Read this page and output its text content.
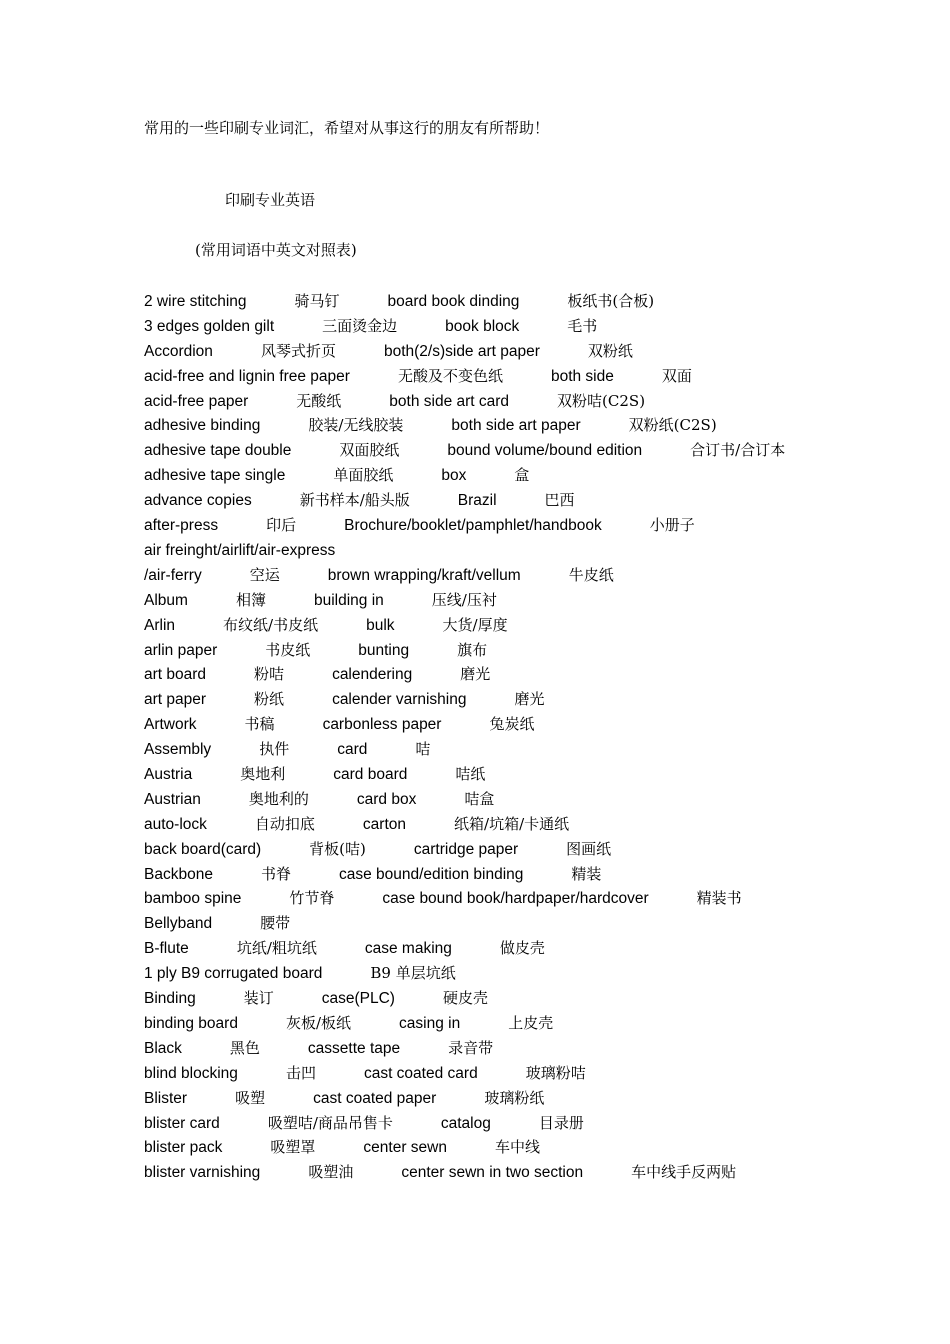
常用的一些印刷专业词汇，希望对从事这行的朋友有所帮助！
印刷专业英语
(常用词语中英文对照表)
2 wire stitching	骑马钉	board book dinding	板纸书(合板)
3 edges golden gilt	三面烫金边	book block	毛书
Accordion	风琴式折页	both(2/s)side art paper	双粉纸
acid-free and lignin free paper	无酸及不变色纸	both side	双面
acid-free paper	无酸纸	both side art card	双粉咭(C2S)
adhesive binding	胶装/无线胶装	both side art paper	双粉纸(C2S)
adhesive tape double	双面胶纸	bound volume/bound edition	合订书/合订本
adhesive tape single	单面胶纸	box	盒
advance copies	新书样本/船头版	Brazil	巴西
after-press	印后	Brochure/booklet/pamphlet/handbook	小册子
air freinght/airlift/air-express
/air-ferry	空运	brown wrapping/kraft/vellum	牛皮纸
Album	相簿	building in	压线/压衬
Arlin	布纹纸/书皮纸	bulk	大货/厚度
arlin paper	书皮纸	bunting	旗布
art board	粉咭	calendering	磨光
art paper	粉纸	calender varnishing	磨光
Artwork	书稿	carbonless paper	兔炭纸
Assembly	执件	card	咭
Austria	奥地利	card board	咭纸
Austrian	奥地利的	card box	咭盒
auto-lock	自动扣底	carton	纸箱/坑箱/卡通纸
back board(card)	背板(咭)	cartridge paper	图画纸
Backbone	书脊	case bound/edition binding	精装
bamboo spine	竹节脊	case bound book/hardpaper/hardcover	精装书
Bellyband	腰带
B-flute	坑纸/粗坑纸	case making	做皮壳
1 ply B9 corrugated board	B9 单层坑纸
Binding	装订	case(PLC)	硬皮壳
binding board	灰板/板纸	casing in	上皮壳
Black	黑色	cassette tape	录音带
blind blocking	击凹	cast coated card	玻璃粉咭
Blister	吸塑	cast coated paper	玻璃粉纸
blister card	吸塑咭/商品吊售卡	catalog	目录册
blister pack	吸塑罩	center sewn	车中线
blister varnishing	吸塑油	center sewn in two section	车中线手反两贴
